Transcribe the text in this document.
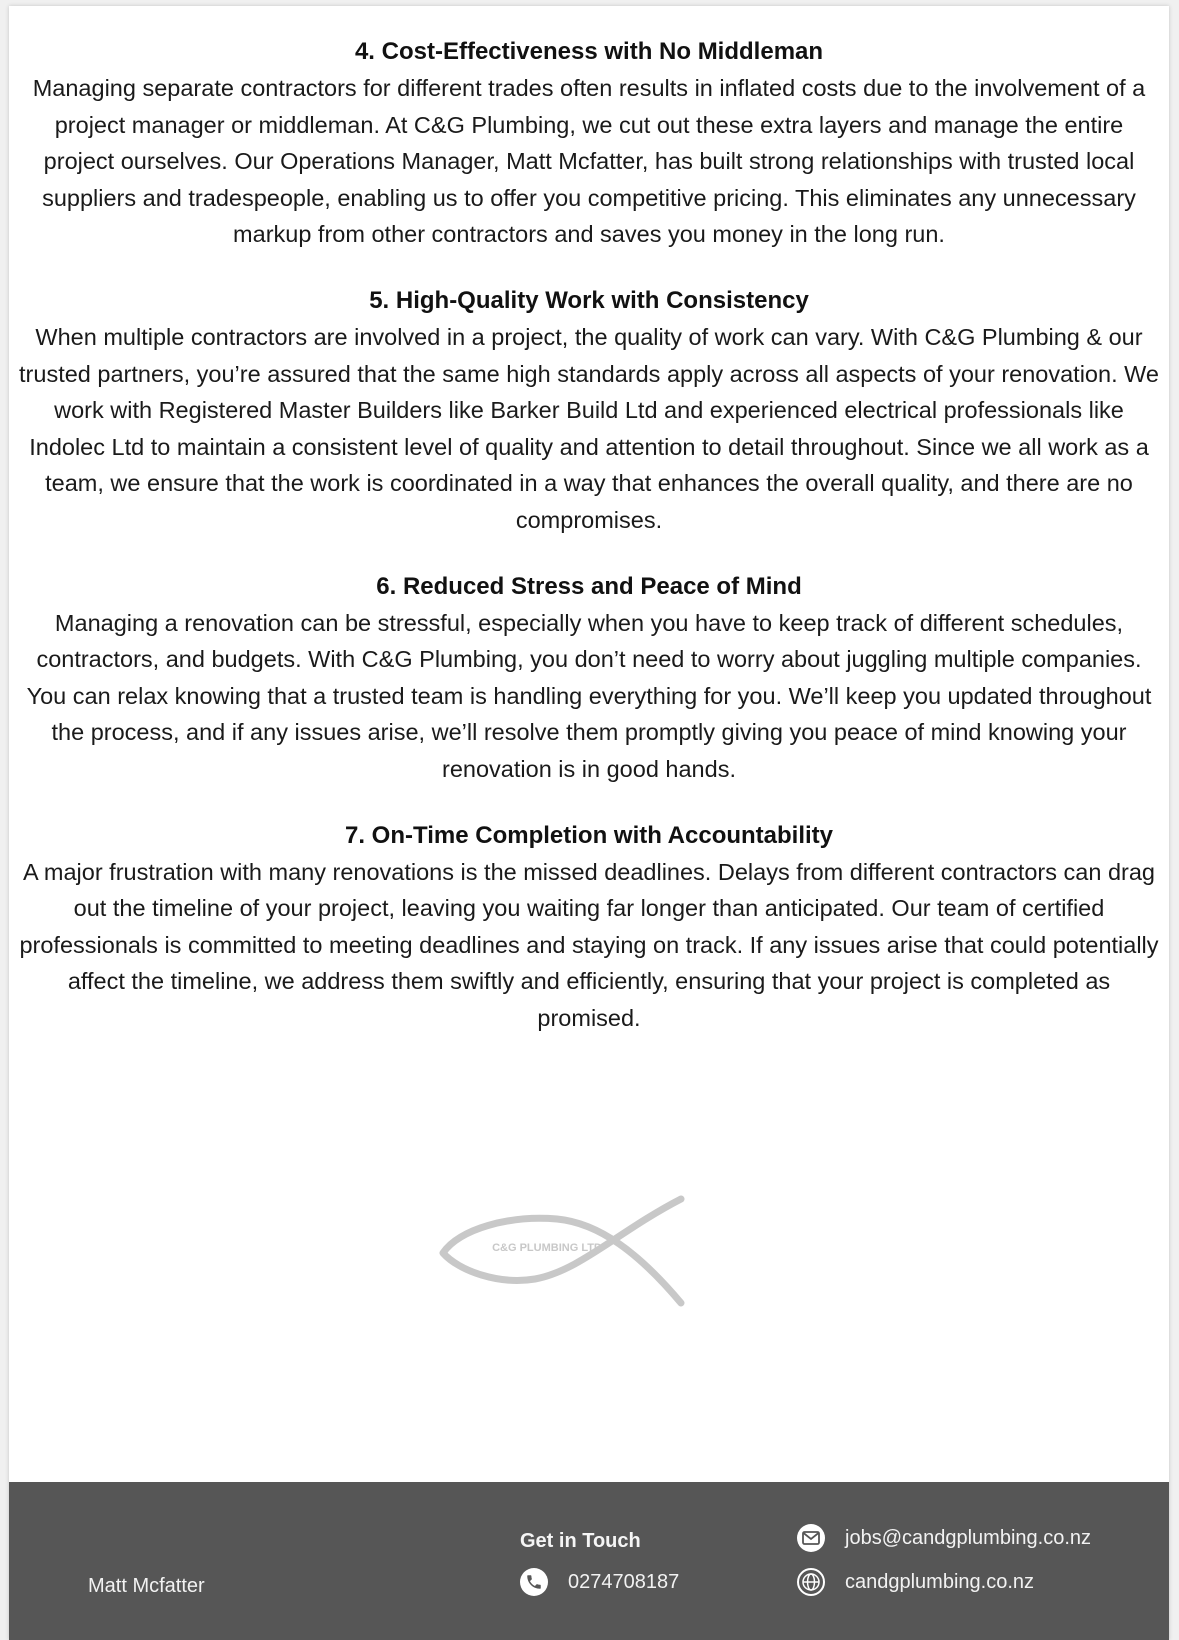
4. Cost-Effectiveness with No Middleman

Managing separate contractors for different trades often results in inflated costs due to the involvement of a project manager or middleman. At C&G Plumbing, we cut out these extra layers and manage the entire project ourselves. Our Operations Manager, Matt Mcfatter, has built strong relationships with trusted local suppliers and tradespeople, enabling us to offer you competitive pricing. This eliminates any unnecessary markup from other contractors and saves you money in the long run.

5. High-Quality Work with Consistency

When multiple contractors are involved in a project, the quality of work can vary. With C&G Plumbing & our trusted partners, you’re assured that the same high standards apply across all aspects of your renovation. We work with Registered Master Builders like Barker Build Ltd and experienced electrical professionals like Indolec Ltd to maintain a consistent level of quality and attention to detail throughout. Since we all work as a team, we ensure that the work is coordinated in a way that enhances the overall quality, and there are no compromises.

6. Reduced Stress and Peace of Mind

Managing a renovation can be stressful, especially when you have to keep track of different schedules, contractors, and budgets. With C&G Plumbing, you don’t need to worry about juggling multiple companies. You can relax knowing that a trusted team is handling everything for you. We’ll keep you updated throughout the process, and if any issues arise, we’ll resolve them promptly giving you peace of mind knowing your renovation is in good hands.

7. On-Time Completion with Accountability

A major frustration with many renovations is the missed deadlines. Delays from different contractors can drag out the timeline of your project, leaving you waiting far longer than anticipated. Our team of certified professionals is committed to meeting deadlines and staying on track. If any issues arise that could potentially affect the timeline, we address them swiftly and efficiently, ensuring that your project is completed as promised.

C&G PLUMBING LTD
Matt Mcfatter
Get in Touch
0274708187
jobs@candgplumbing.co.nz
candgplumbing.co.nz
